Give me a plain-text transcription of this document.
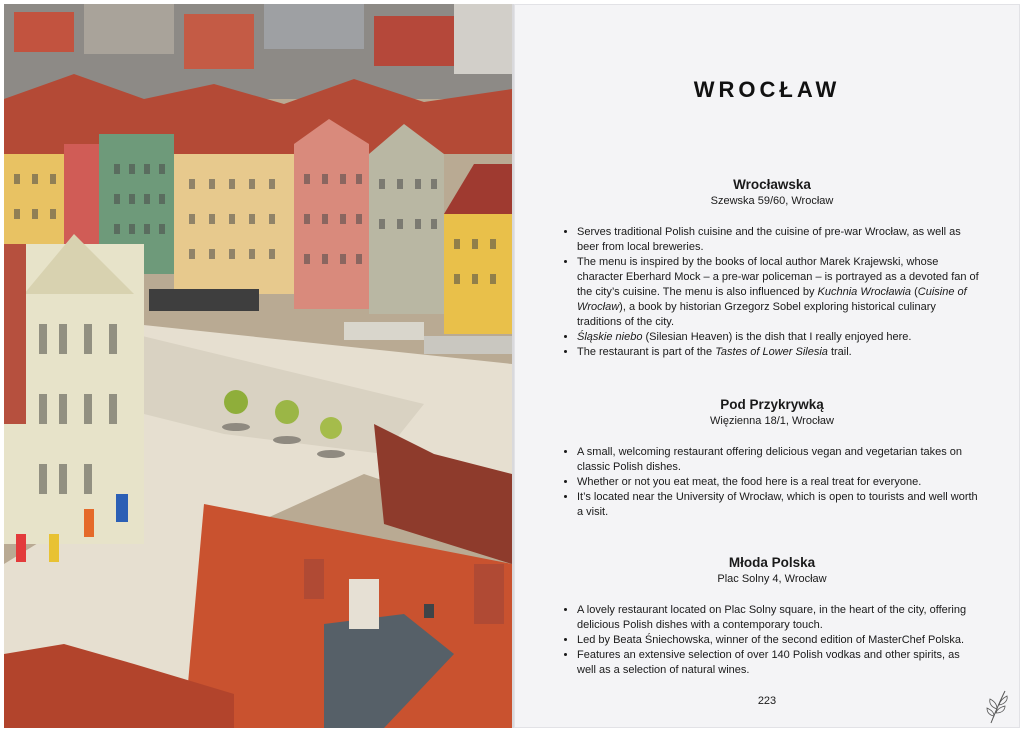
WROCŁAW
Wrocławska

Szewska 59/60, Wrocław

• Serves traditional Polish cuisine and the cuisine of pre-war Wrocław, as well as beer from local breweries.
• The menu is inspired by the books of local author Marek Krajewski, whose character Eberhard Mock – a pre-war policeman – is portrayed as a devoted fan of the city’s cuisine. The menu is also influenced by Kuchnia Wrocławia (Cuisine of Wrocław), a book by historian Grzegorz Sobel exploring historical culinary traditions of the city.
• Śląskie niebo (Silesian Heaven) is the dish that I really enjoyed here.
• The restaurant is part of the Tastes of Lower Silesia trail.
Pod Przykrywką

Więzienna 18/1, Wrocław

• A small, welcoming restaurant offering delicious vegan and vegetarian takes on classic Polish dishes.
• Whether or not you eat meat, the food here is a real treat for everyone.
• It’s located near the University of Wrocław, which is open to tourists and well worth a visit.
Młoda Polska

Plac Solny 4, Wrocław

• A lovely restaurant located on Plac Solny square, in the heart of the city, offering delicious Polish dishes with a contemporary touch.
• Led by Beata Śniechowska, winner of the second edition of MasterChef Polska.
• Features an extensive selection of over 140 Polish vodkas and other spirits, as well as a selection of natural wines.
223
